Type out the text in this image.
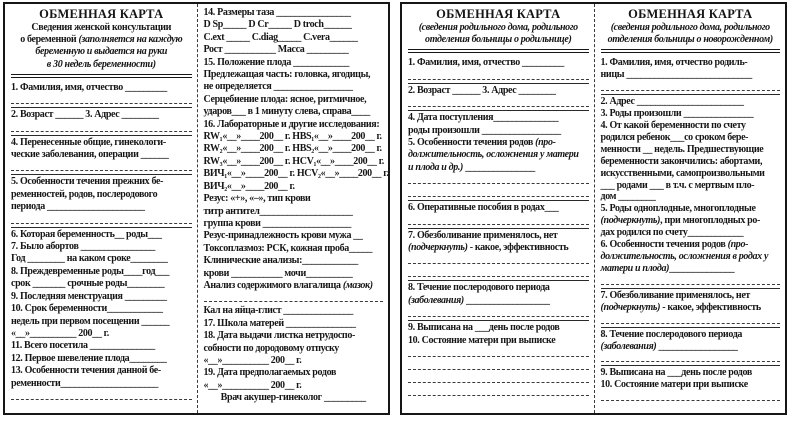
ОБМЕННАЯ КАРТА
Сведения женской консультации
о беременной (заполняется на каждую
беременную и выдается на руки
в 30 недель беременности)
1. Фамилия, имя, отчество _________
2. Возраст ______ 3. Адрес ________
4. Перенесенные общие, гинекологи-
ческие заболевания, операции ______
5. Особенности течения прежних бе-
ременностей, родов, послеродового
периода _____________________
6. Которая беременность__ роды___
7. Было абортов ________________
Год ________ на каком сроке________
8. Преждевременные роды____год___
срок _______ срочные роды________
9. Последняя менструация _________
10. Срок беременности____________
недель при первом посещении ______
«__»__________ 200__ г.
11. Всего посетила ______________
12. Первое шевеление плода________
13. Особенности течения данной бе-
ременности_____________________
14. Размеры таза ________________
D Sp_____ D Cr_____ D troch______
C.ext _____ C.diag_____ C.vera______
Рост ___________ Масса _________
15. Положение плода ____________
Предлежащая часть: головка, ягодицы,
не определяется _________________
Серцебиение плода: ясное, ритмичное,
ударов___ в 1 минуту слева, справа____
16. Лабораторные и другие исследования:
RW₁«__»____200__ г. HBS₁«__»____200__ г.
RW₂«__»____200__ г. HBS₂«__»____200__ г.
RW₃«__»____200__ г. HCV₁«__»____200__ г.
ВИЧ₁«__»____200__ г. HCV₂«__»____200__ г.
ВИЧ₂«__»____200__ г.
Резус: «+», «–», тип крови
титр антител____________________
группа крови ___________________
Резус-принадлежность крови мужа __
Токсоплазмоз: РСК, кожная проба_____
Клинические анализы:____________
крови ___________ мочи__________
Анализ содержимого влагалища (мазок)
Кал на яйца-глист _______________
17. Школа матерей _______________
18. Дата выдачи листка нетрудоспо-
собности по дородовому отпуску
«__»__________ 200__ г.
19. Дата предполагаемых родов
«__»__________ 200__ г.
Врач акушер-гинеколог _________
ОБМЕННАЯ КАРТА
(сведения родильного дома, родильного
отделения больницы о родильнице)
1. Фамилия, имя, отчество _________
2. Возраст ______ 3. Адрес ________
4. Дата поступления______________
роды произошли _________________
5. Особенности течения родов (про-
должительность, осложнения у матери
и плода и др.) _______________
6. Оперативные пособия в родах___
7. Обезболивание применялось, нет
(подчеркнуть) - какое, эффективность
8. Течение послеродового периода
(заболевания) __________________
9. Выписана на ___день после родов
10. Состояние матери при выписке
ОБМЕННАЯ КАРТА
(сведения родильного дома, родильного
отделения больницы о новорожденном)
1. Фамилия, имя, отчество родиль-
ницы ___________________________
2. Адрес _______________________
3. Роды произошли _______________
4. От какой беременности по счету
родился ребенок___со сроком бере-
менности __ недель. Предшествующие
беременности закончились: абортами,
искусственными, самопроизвольными
___ родами ___ в т.ч. с мертвым пло-
дом ________
5. Роды одноплодные, многоплодные
(подчеркнуть), при многоплодных ро-
дах родился по счету____________
6. Особенности течения родов (про-
должительность, осложнения в родах у
матери и плода)______________
7. Обезболивание применялось, нет
(подчеркнуть) - какое, эффективность
8. Течение послеродового периода
(заболевания) _________________
9. Выписана на ___день после родов
10. Состояние матери при выписке
